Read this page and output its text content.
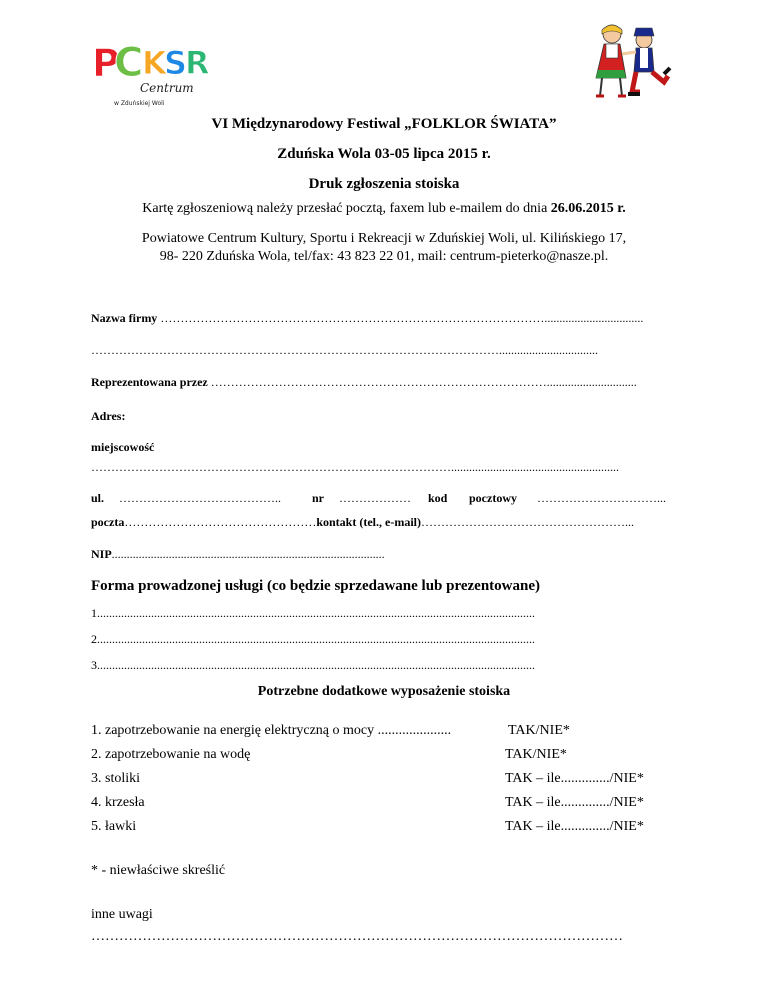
P
C
K
S
R
Centrum
w Zduńskiej Woli
VI Międzynarodowy Festiwal „FOLKLOR ŚWIATA”
Zduńska Wola 03-05 lipca 2015 r.
Druk zgłoszenia stoiska
Kartę zgłoszeniową należy przesłać pocztą, faxem lub e-mailem do dnia 26.06.2015 r.
Powiatowe Centrum Kultury, Sportu i Rekreacji w Zduńskiej Woli, ul. Kilińskiego 17,
98- 220 Zduńska Wola, tel/fax: 43 823 22 01, mail: centrum-pieterko@nasze.pl.
Nazwa firmy …………………………………………………………………………………….................................
………………………………………………………………………………………….................................
Reprezentowana przez …………………………………………………………………………..............................
Adres:
miejscowość
………………………………………………………………………………........................................................
ul. …………………………………..	nr ……………… kod pocztowy …………………………...
poczta…………………………………………kontakt (tel., e-mail)……………………………………………...
NIP...........................................................................................
Forma prowadzonej usługi (co będzie sprzedawane lub prezentowane)
1..................................................................................................................................................
2..................................................................................................................................................
3..................................................................................................................................................
Potrzebne dodatkowe wyposażenie stoiska
1. zapotrzebowanie na energię elektryczną o mocy .....................	TAK/NIE*
2. zapotrzebowanie na wodę	TAK/NIE*
3. stoliki	TAK – ile............../NIE*
4. krzesła	TAK – ile............../NIE*
5. ławki	TAK – ile............../NIE*
* - niewłaściwe skreślić
inne uwagi
……………………………………………………………………………………………………
